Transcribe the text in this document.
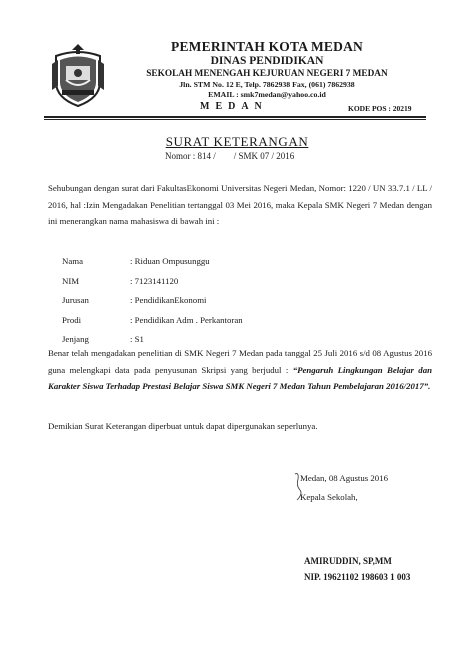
PEMERINTAH KOTA MEDAN
DINAS PENDIDIKAN
SEKOLAH MENENGAH KEJURUAN NEGERI 7 MEDAN
Jln. STM No. 12 E, Telp. 7862938 Fax, (061) 7862938
EMAIL : smk7medan@yahoo.co.id
MEDAN	KODE POS : 20219
SURAT KETERANGAN
Nomor : 814 /        / SMK 07 / 2016
Sehubungan dengan surat dari FakultasEkonomi Universitas Negeri Medan, Nomor: 1220 / UN 33.7.1 / LL / 2016, hal :Izin Mengadakan Penelitian tertanggal 03 Mei 2016, maka Kepala SMK Negeri 7 Medan dengan ini menerangkan nama mahasiswa di bawah ini :
Nama	: Riduan Ompusunggu
NIM	: 7123141120
Jurusan	: PendidikanEkonomi
Prodi	: Pendidikan Adm . Perkantoran
Jenjang	: S1
Benar telah mengadakan penelitian di SMK Negeri 7 Medan pada tanggal 25 Juli 2016 s/d 08 Agustus 2016 guna melengkapi data pada penyusunan Skripsi yang berjudul : “Pengaruh Lingkungan Belajar dan Karakter Siswa Terhadap Prestasi Belajar Siswa SMK Negeri 7 Medan Tahun Pembelajaran 2016/2017”.
Demikian Surat Keterangan diperbuat untuk dapat dipergunakan seperlunya.
Medan, 08 Agustus 2016
Kepala Sekolah,
AMIRUDDIN, SP,MM
NIP. 19621102 198603 1 003
